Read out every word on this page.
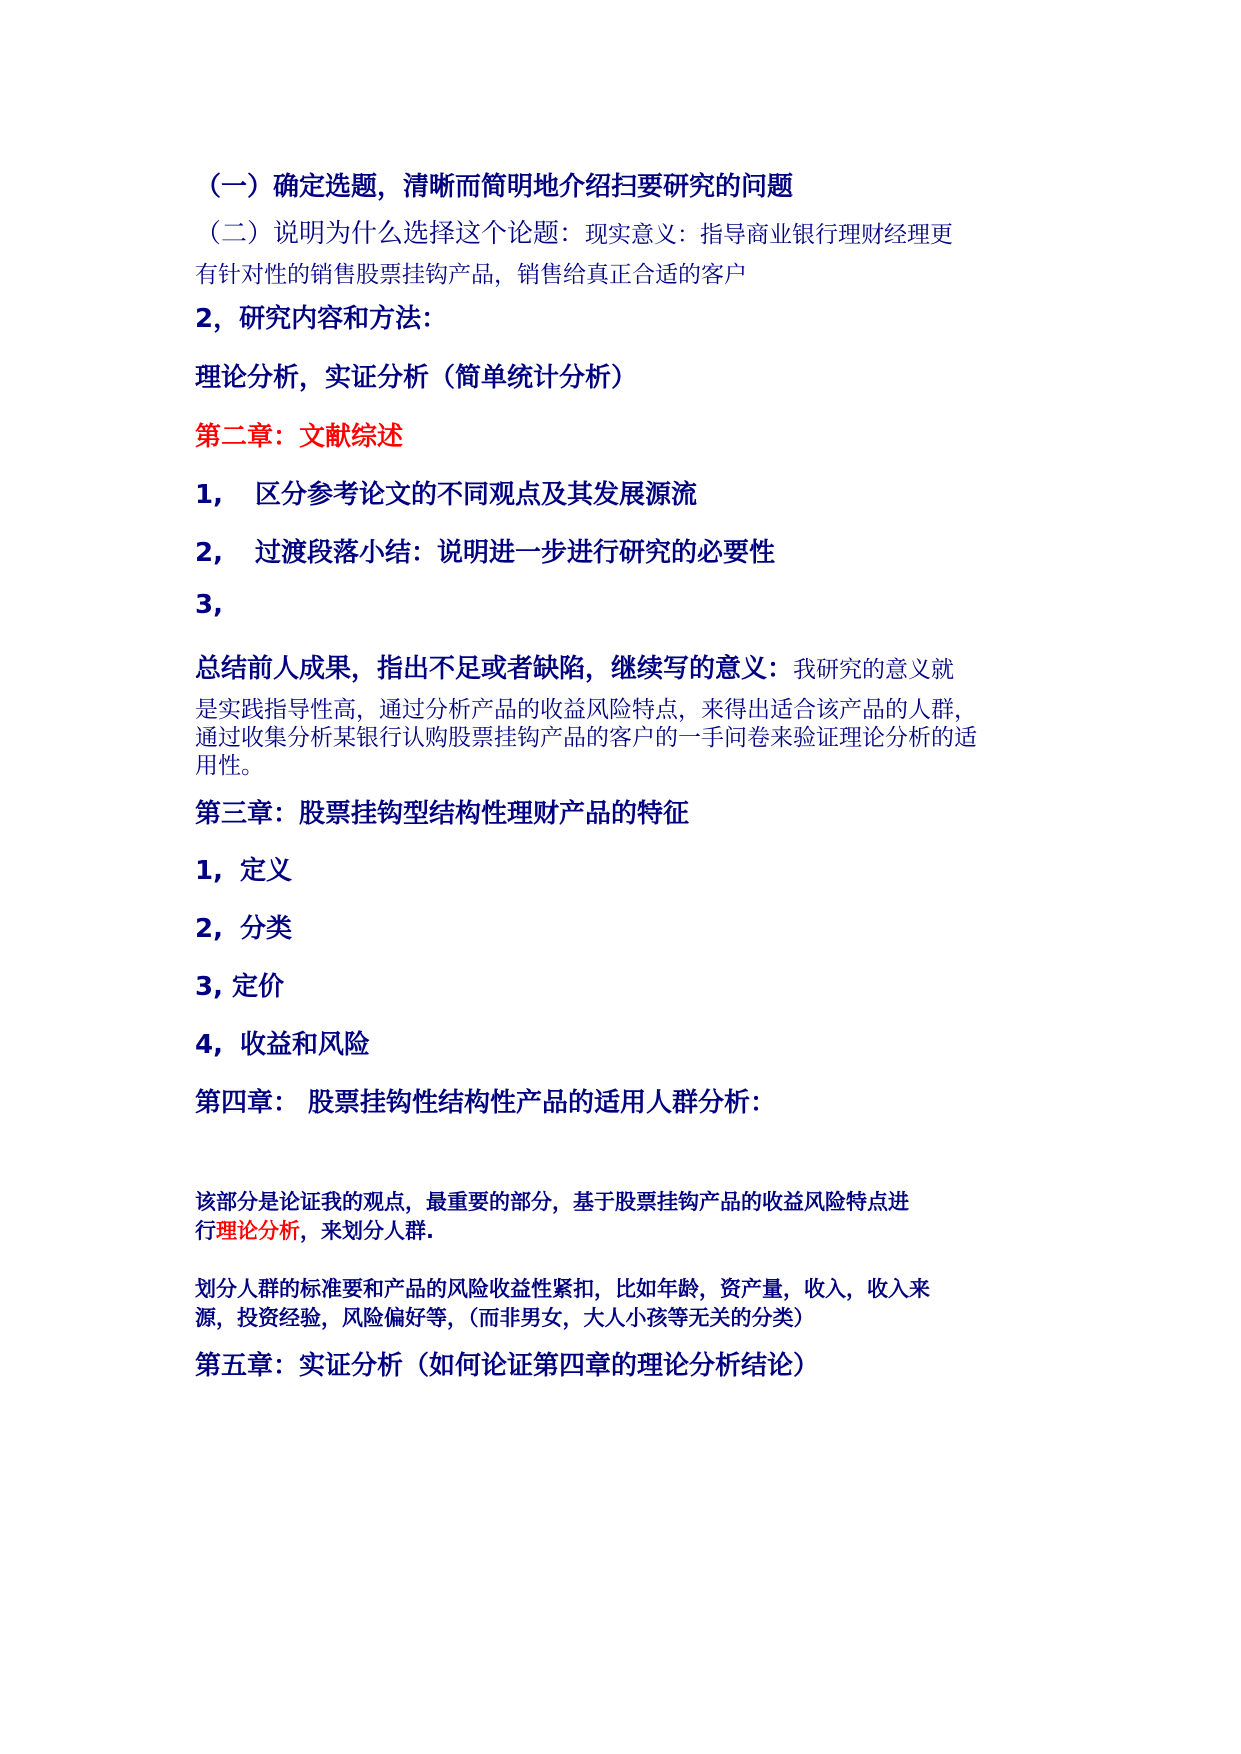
（一）确定选题，清晰而简明地介绍扫要研究的问题
（二）说明为什么选择这个论题：现实意义：指导商业银行理财经理更
有针对性的销售股票挂钩产品，销售给真正合适的客户
2，研究内容和方法：
理论分析，实证分析（简单统计分析）
第二章：文献综述
1, 区分参考论文的不同观点及其发展源流
2, 过渡段落小结：说明进一步进行研究的必要性
3,
总结前人成果，指出不足或者缺陷，继续写的意义：我研究的意义就
是实践指导性高，通过分析产品的收益风险特点，来得出适合该产品的人群，
通过收集分析某银行认购股票挂钩产品的客户的一手问卷来验证理论分析的适
用性。
第三章：股票挂钩型结构性理财产品的特征
1, 定义
2, 分类
3, 定价
4, 收益和风险
第四章： 股票挂钩性结构性产品的适用人群分析：
该部分是论证我的观点，最重要的部分，基于股票挂钩产品的收益风险特点进
行理论分析，来划分人群.
划分人群的标准要和产品的风险收益性紧扣，比如年龄，资产量，收入，收入来
源，投资经验，风险偏好等，（而非男女，大人小孩等无关的分类）
第五章：实证分析（如何论证第四章的理论分析结论）
